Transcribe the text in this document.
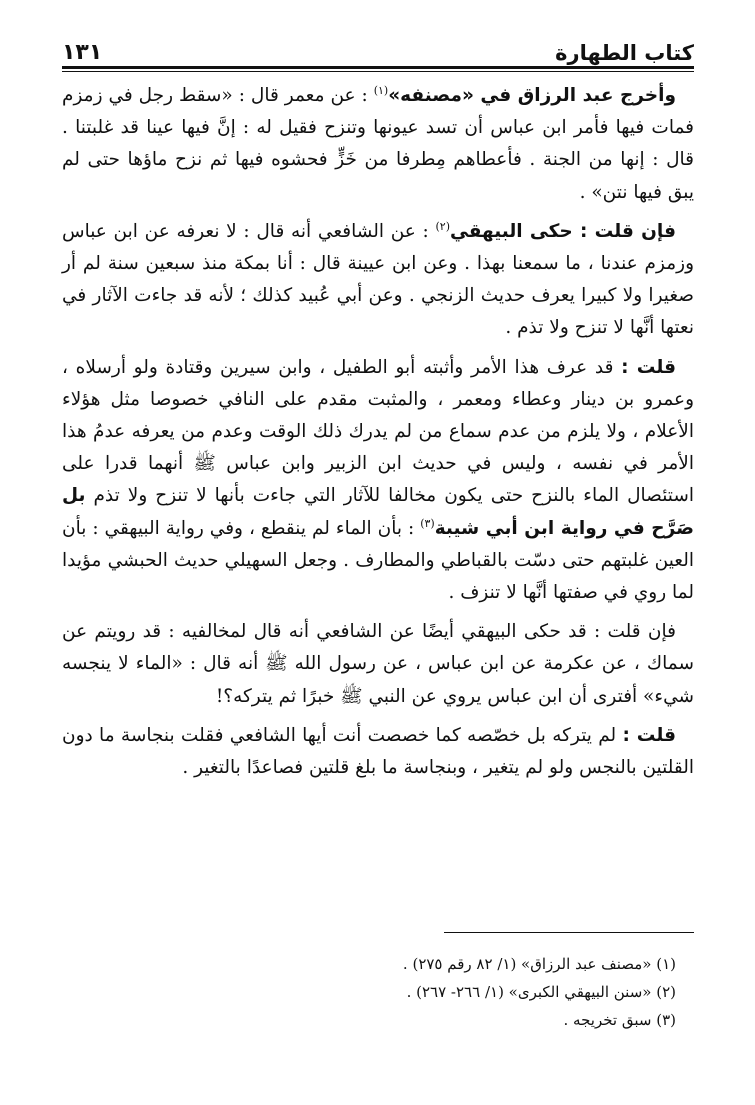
كتاب الطهارة
١٣١

وأخرج عبد الرزاق في «مصنفه»$^{(١)}$ : عن معمر قال : «سقط رجل في زمزم فمات فيها فأمر ابن عباس أن تسد عيونها وتنزح فقيل له : إنَّ فيها عينا قد غلبتنا . قال : إنها من الجنة . فأعطاهم مِطرفا من خَزٍّ فحشوه فيها ثم نزح ماؤها حتى لم يبق فيها نتن» .

فإن قلت : حكى البيهقي$^{(٢)}$ : عن الشافعي أنه قال : لا نعرفه عن ابن عباس وزمزم عندنا ، ما سمعنا بهذا . وعن ابن عيينة قال : أنا بمكة منذ سبعين سنة لم أر صغيرا ولا كبيرا يعرف حديث الزنجي . وعن أبي عُبيد كذلك ؛ لأنه قد جاءت الآثار في نعتها أنَّها لا تنزح ولا تذم .

قلت : قد عرف هذا الأمر وأثبته أبو الطفيل ، وابن سيرين وقتادة ولو أرسلاه ، وعمرو بن دينار وعطاء ومعمر ، والمثبت مقدم على النافي خصوصا مثل هؤلاء الأعلام ، ولا يلزم من عدم سماع من لم يدرك ذلك الوقت وعدم من يعرفه عدمُ هذا الأمر في نفسه ، وليس في حديث ابن الزبير وابن عباس ﷺ أنهما قدرا على استئصال الماء بالنزح حتى يكون مخالفا للآثار التي جاءت بأنها لا تنزح ولا تذم بل صَرَّح في رواية ابن أبي شيبة$^{(٣)}$ : بأن الماء لم ينقطع ، وفي رواية البيهقي : بأن العين غلبتهم حتى دسّت بالقباطي والمطارف . وجعل السهيلي حديث الحبشي مؤيدا لما روي في صفتها أنَّها لا تنزف .

فإن قلت : قد حكى البيهقي أيضًا عن الشافعي أنه قال لمخالفيه : قد رويتم عن سماك ، عن عكرمة عن ابن عباس ، عن رسول الله ﷺ أنه قال : «الماء لا ينجسه شيء» أفترى أن ابن عباس يروي عن النبي ﷺ خبرًا ثم يتركه؟!

قلت : لم يتركه بل خصّصه كما خصصت أنت أيها الشافعي فقلت بنجاسة ما دون القلتين بالنجس ولو لم يتغير ، وبنجاسة ما بلغ قلتين فصاعدًا بالتغير .

(١) «مصنف عبد الرزاق» (١/ ٨٢ رقم ٢٧٥) .
(٢) «سنن البيهقي الكبرى» (١/ ٢٦٦- ٢٦٧) .
(٣) سبق تخريجه .
